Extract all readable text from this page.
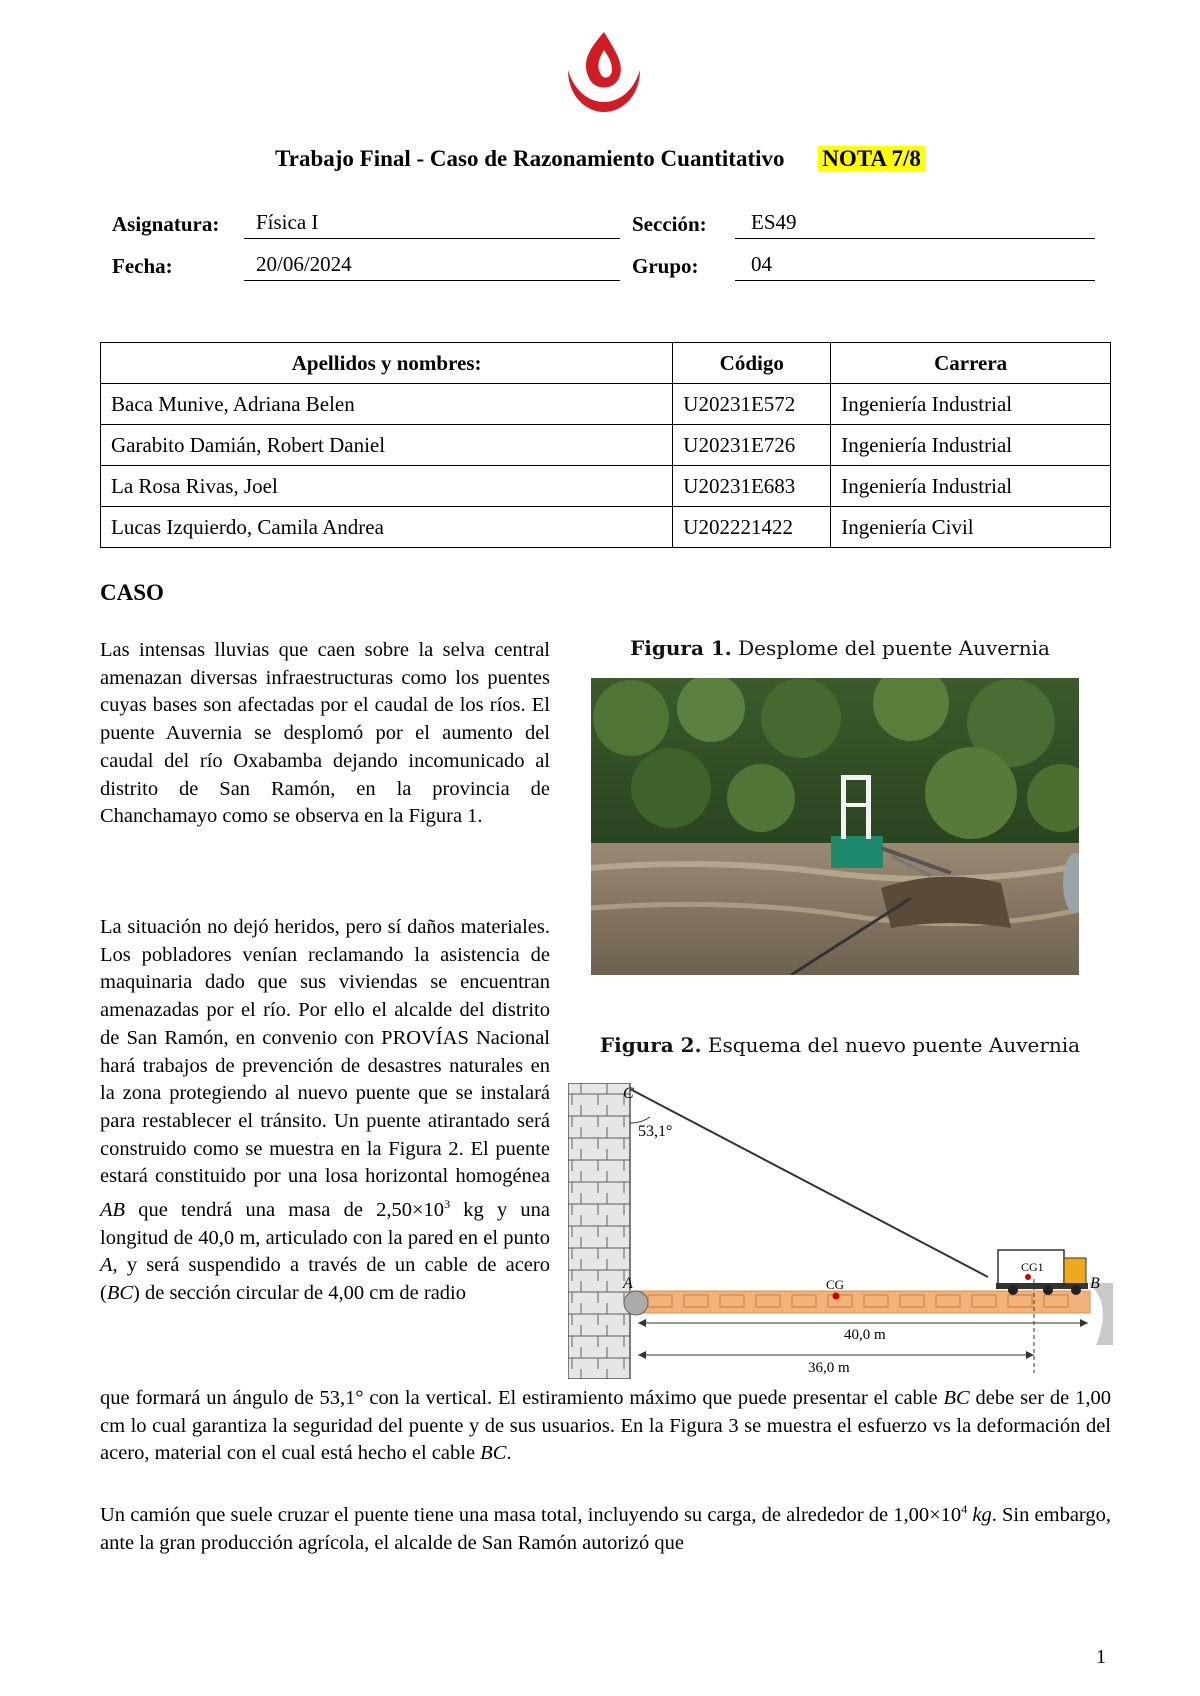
Trabajo Final - Caso de Razonamiento Cuantitativo NOTA 7/8
Asignatura:	Física I	Sección:	ES49
Fecha:	20/06/2024	Grupo:	04
Apellidos y nombres:	Código	Carrera
Baca Munive, Adriana Belen	U20231E572	Ingeniería Industrial
Garabito Damián, Robert Daniel	U20231E726	Ingeniería Industrial
La Rosa Rivas, Joel	U20231E683	Ingeniería Industrial
Lucas Izquierdo, Camila Andrea	U202221422	Ingeniería Civil
CASO
Las intensas lluvias que caen sobre la selva central amenazan diversas infraestructuras como los puentes cuyas bases son afectadas por el caudal de los ríos. El puente Auvernia se desplomó por el aumento del caudal del río Oxabamba dejando incomunicado al distrito de San Ramón, en la provincia de Chanchamayo como se observa en la Figura 1.
La situación no dejó heridos, pero sí daños materiales. Los pobladores venían reclamando la asistencia de maquinaria dado que sus viviendas se encuentran amenazadas por el río. Por ello el alcalde del distrito de San Ramón, en convenio con PROVÍAS Nacional hará trabajos de prevención de desastres naturales en la zona protegiendo al nuevo puente que se instalará para restablecer el tránsito. Un puente atirantado será construido como se muestra en la Figura 2. El puente estará constituido por una losa horizontal homogénea AB que tendrá una masa de $2,50\times 10^3$ kg y una longitud de 40,0 m, articulado con la pared en el punto A, y será suspendido a través de un cable de acero (BC) de sección circular de 4,00 cm de radio
que formará un ángulo de 53,1° con la vertical. El estiramiento máximo que puede presentar el cable BC debe ser de 1,00 cm lo cual garantiza la seguridad del puente y de sus usuarios. En la Figura 3 se muestra el esfuerzo vs la deformación del acero, material con el cual está hecho el cable BC.
Un camión que suele cruzar el puente tiene una masa total, incluyendo su carga, de alrededor de $1,00\times 10^4$ kg. Sin embargo, ante la gran producción agrícola, el alcalde de San Ramón autorizó que
Figura 1. Desplome del puente Auvernia
Figura 2. Esquema del nuevo puente Auvernia
C
53,1°
A	B
CG
CG1
40,0 m
36,0 m
1
